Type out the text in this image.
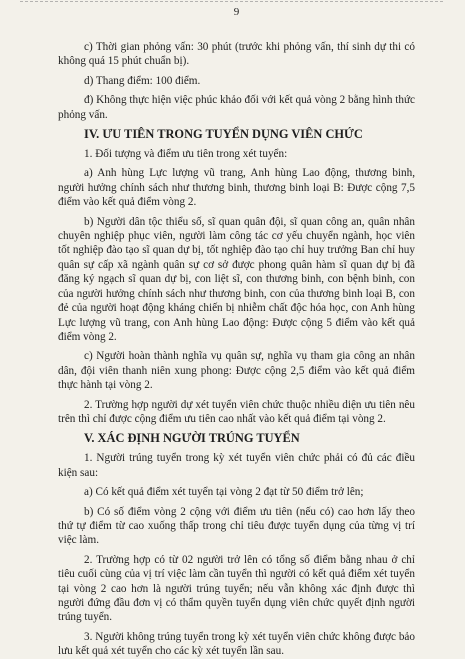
9

c) Thời gian phỏng vấn: 30 phút (trước khi phỏng vấn, thí sinh dự thi có không quá 15 phút chuẩn bị).

d) Thang điểm: 100 điểm.

đ) Không thực hiện việc phúc khảo đối với kết quả vòng 2 bằng hình thức phỏng vấn.

IV. ƯU TIÊN TRONG TUYỂN DỤNG VIÊN CHỨC

1. Đối tượng và điểm ưu tiên trong xét tuyển:

a) Anh hùng Lực lượng vũ trang, Anh hùng Lao động, thương binh, người hưởng chính sách như thương binh, thương binh loại B: Được cộng 7,5 điểm vào kết quả điểm vòng 2.

b) Người dân tộc thiểu số, sĩ quan quân đội, sĩ quan công an, quân nhân chuyên nghiệp phục viên, người làm công tác cơ yếu chuyển ngành, học viên tốt nghiệp đào tạo sĩ quan dự bị, tốt nghiệp đào tạo chỉ huy trưởng Ban chỉ huy quân sự cấp xã ngành quân sự cơ sở được phong quân hàm sĩ quan dự bị đã đăng ký ngạch sĩ quan dự bị, con liệt sĩ, con thương binh, con bệnh binh, con của người hưởng chính sách như thương binh, con của thương binh loại B, con đẻ của người hoạt động kháng chiến bị nhiễm chất độc hóa học, con Anh hùng Lực lượng vũ trang, con Anh hùng Lao động: Được cộng 5 điểm vào kết quả điểm vòng 2.

c) Người hoàn thành nghĩa vụ quân sự, nghĩa vụ tham gia công an nhân dân, đội viên thanh niên xung phong: Được cộng 2,5 điểm vào kết quả điểm thực hành tại vòng 2.

2. Trường hợp người dự xét tuyển viên chức thuộc nhiều diện ưu tiên nêu trên thì chỉ được cộng điểm ưu tiên cao nhất vào kết quả điểm tại vòng 2.

V. XÁC ĐỊNH NGƯỜI TRÚNG TUYỂN

1. Người trúng tuyển trong kỳ xét tuyển viên chức phải có đủ các điều kiện sau:

a) Có kết quả điểm xét tuyển tại vòng 2 đạt từ 50 điểm trở lên;

b) Có số điểm vòng 2 cộng với điểm ưu tiên (nếu có) cao hơn lấy theo thứ tự điểm từ cao xuống thấp trong chỉ tiêu được tuyển dụng của từng vị trí việc làm.

2. Trường hợp có từ 02 người trở lên có tổng số điểm bằng nhau ở chỉ tiêu cuối cùng của vị trí việc làm cần tuyển thì người có kết quả điểm xét tuyển tại vòng 2 cao hơn là người trúng tuyển; nếu vẫn không xác định được thì người đứng đầu đơn vị có thẩm quyền tuyển dụng viên chức quyết định người trúng tuyển.

3. Người không trúng tuyển trong kỳ xét tuyển viên chức không được bảo lưu kết quả xét tuyển cho các kỳ xét tuyển lần sau.
